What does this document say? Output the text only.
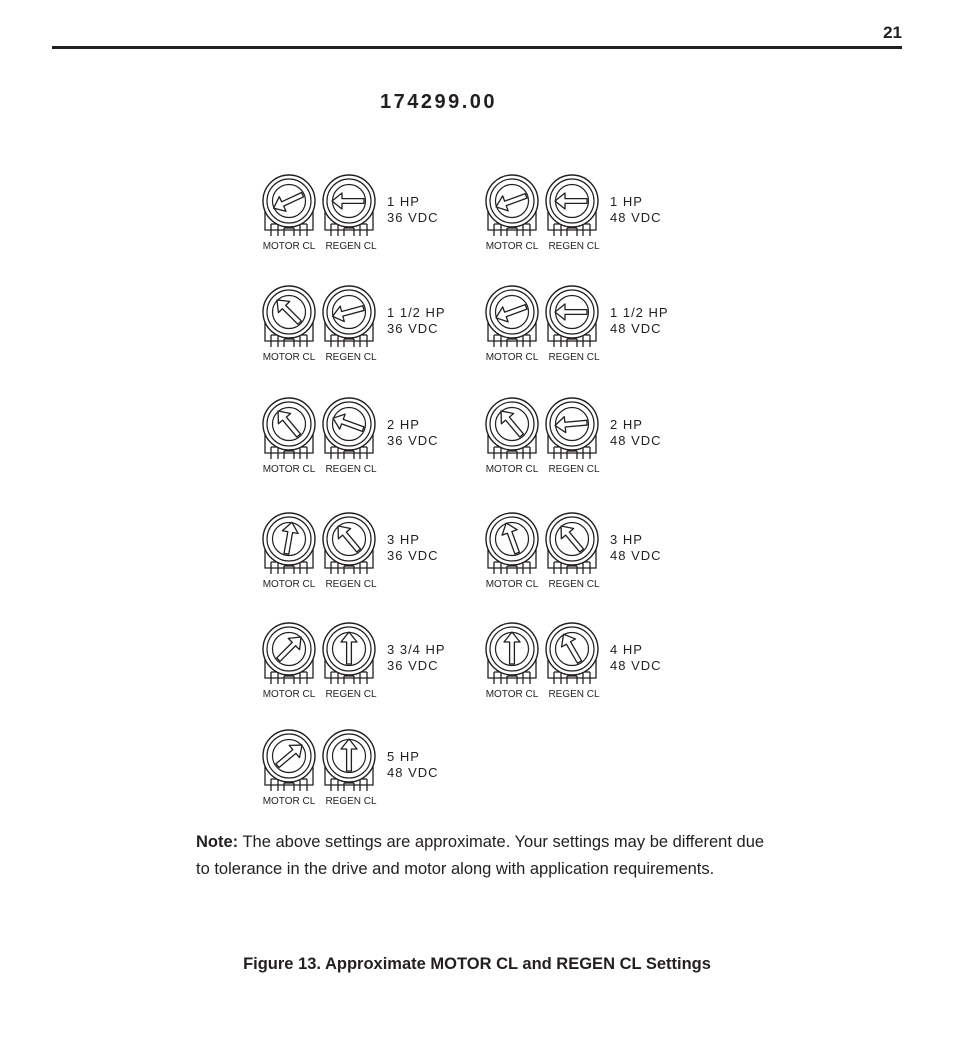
21
174299.00
MOTOR CL	REGEN CL
1 HP
36 VDC
MOTOR CL	REGEN CL
1 HP
48 VDC
MOTOR CL	REGEN CL
1 1/2 HP
36 VDC
MOTOR CL	REGEN CL
1 1/2 HP
48 VDC
MOTOR CL	REGEN CL
2 HP
36 VDC
MOTOR CL	REGEN CL
2 HP
48 VDC
MOTOR CL	REGEN CL
3 HP
36 VDC
MOTOR CL	REGEN CL
3 HP
48 VDC
MOTOR CL	REGEN CL
3 3/4 HP
36 VDC
MOTOR CL	REGEN CL
4 HP
48 VDC
MOTOR CL	REGEN CL
5 HP
48 VDC
Note: The above settings are approximate. Your settings may be different due to tolerance in the drive and motor along with application requirements.
Figure 13. Approximate MOTOR CL and REGEN CL Settings
